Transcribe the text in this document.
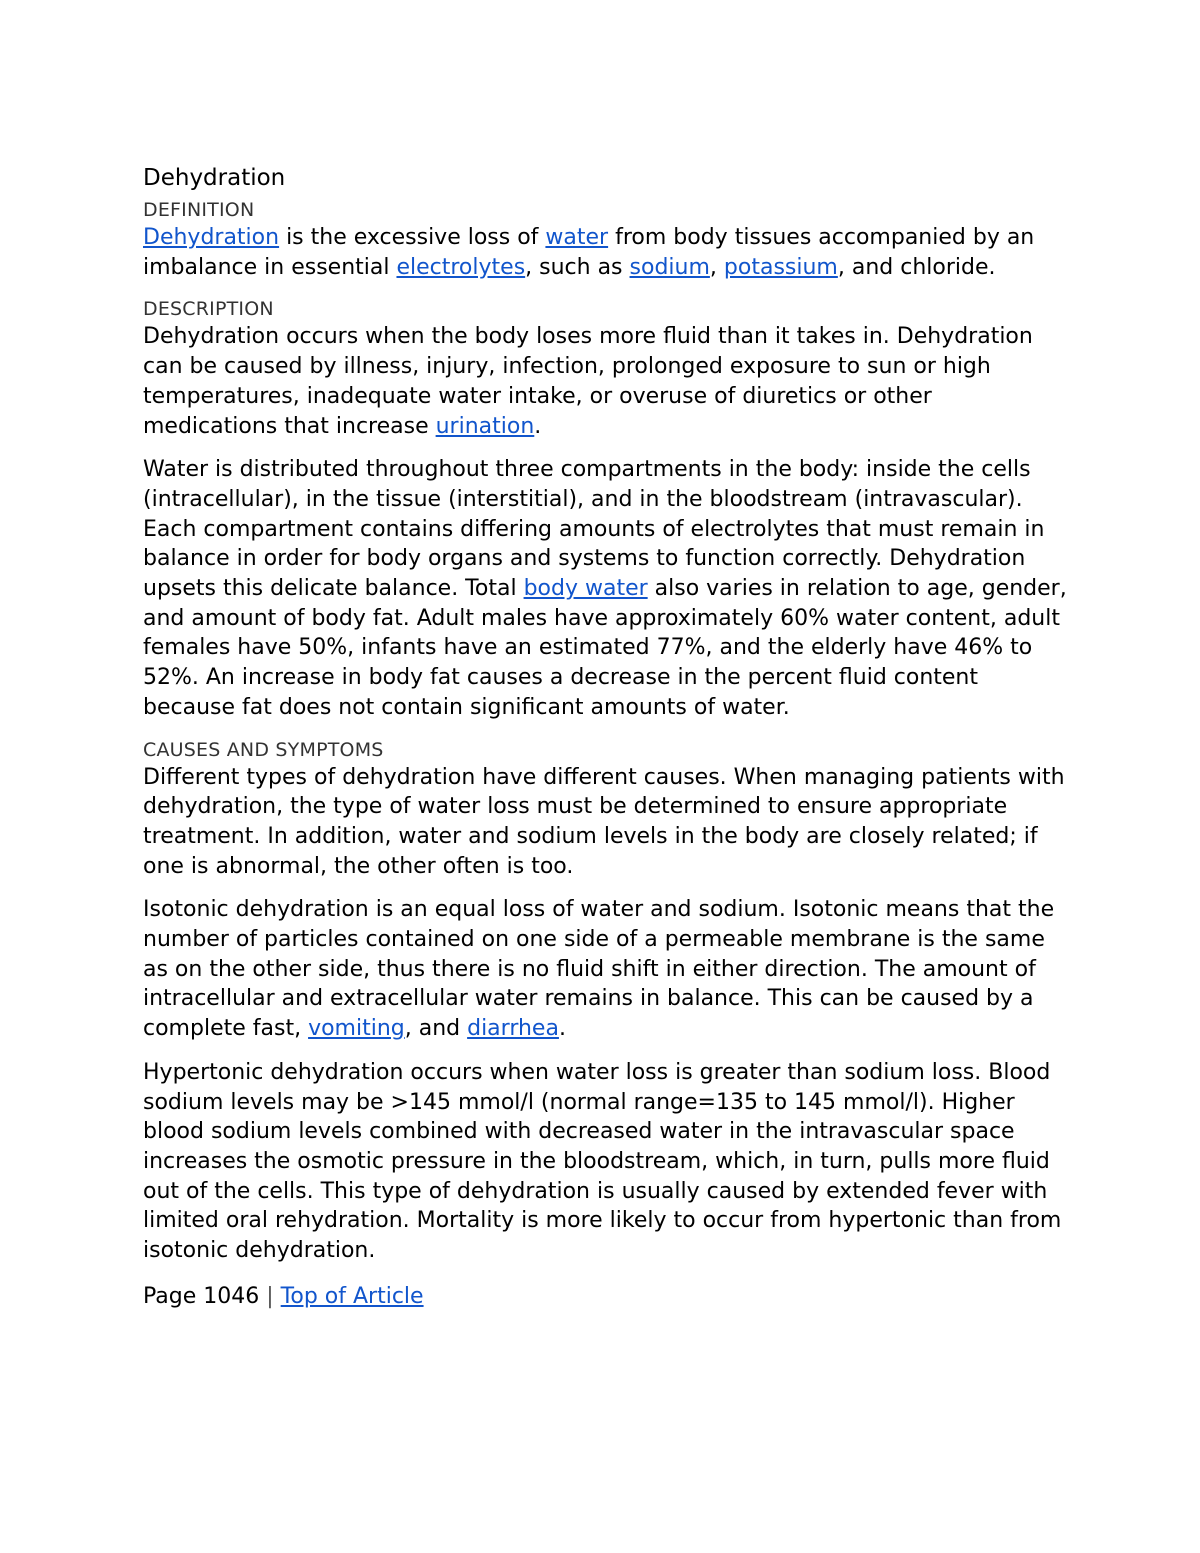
Dehydration
DEFINITION

Dehydration is the excessive loss of water from body tissues accompanied by an imbalance in essential electrolytes, such as sodium, potassium, and chloride.

DESCRIPTION

Dehydration occurs when the body loses more fluid than it takes in. Dehydration can be caused by illness, injury, infection, prolonged exposure to sun or high temperatures, inadequate water intake, or overuse of diuretics or other medications that increase urination.

Water is distributed throughout three compartments in the body: inside the cells (intracellular), in the tissue (interstitial), and in the bloodstream (intravascular). Each compartment contains differing amounts of electrolytes that must remain in balance in order for body organs and systems to function correctly. Dehydration upsets this delicate balance. Total body water also varies in relation to age, gender, and amount of body fat. Adult males have approximately 60% water content, adult females have 50%, infants have an estimated 77%, and the elderly have 46% to 52%. An increase in body fat causes a decrease in the percent fluid content because fat does not contain significant amounts of water.

CAUSES AND SYMPTOMS

Different types of dehydration have different causes. When managing patients with dehydration, the type of water loss must be determined to ensure appropriate treatment. In addition, water and sodium levels in the body are closely related; if one is abnormal, the other often is too.

Isotonic dehydration is an equal loss of water and sodium. Isotonic means that the number of particles contained on one side of a permeable membrane is the same as on the other side, thus there is no fluid shift in either direction. The amount of intracellular and extracellular water remains in balance. This can be caused by a complete fast, vomiting, and diarrhea.

Hypertonic dehydration occurs when water loss is greater than sodium loss. Blood sodium levels may be >145 mmol/l (normal range=135 to 145 mmol/l). Higher blood sodium levels combined with decreased water in the intravascular space increases the osmotic pressure in the bloodstream, which, in turn, pulls more fluid out of the cells. This type of dehydration is usually caused by extended fever with limited oral rehydration. Mortality is more likely to occur from hypertonic than from isotonic dehydration.

Page 1046 | Top of Article
